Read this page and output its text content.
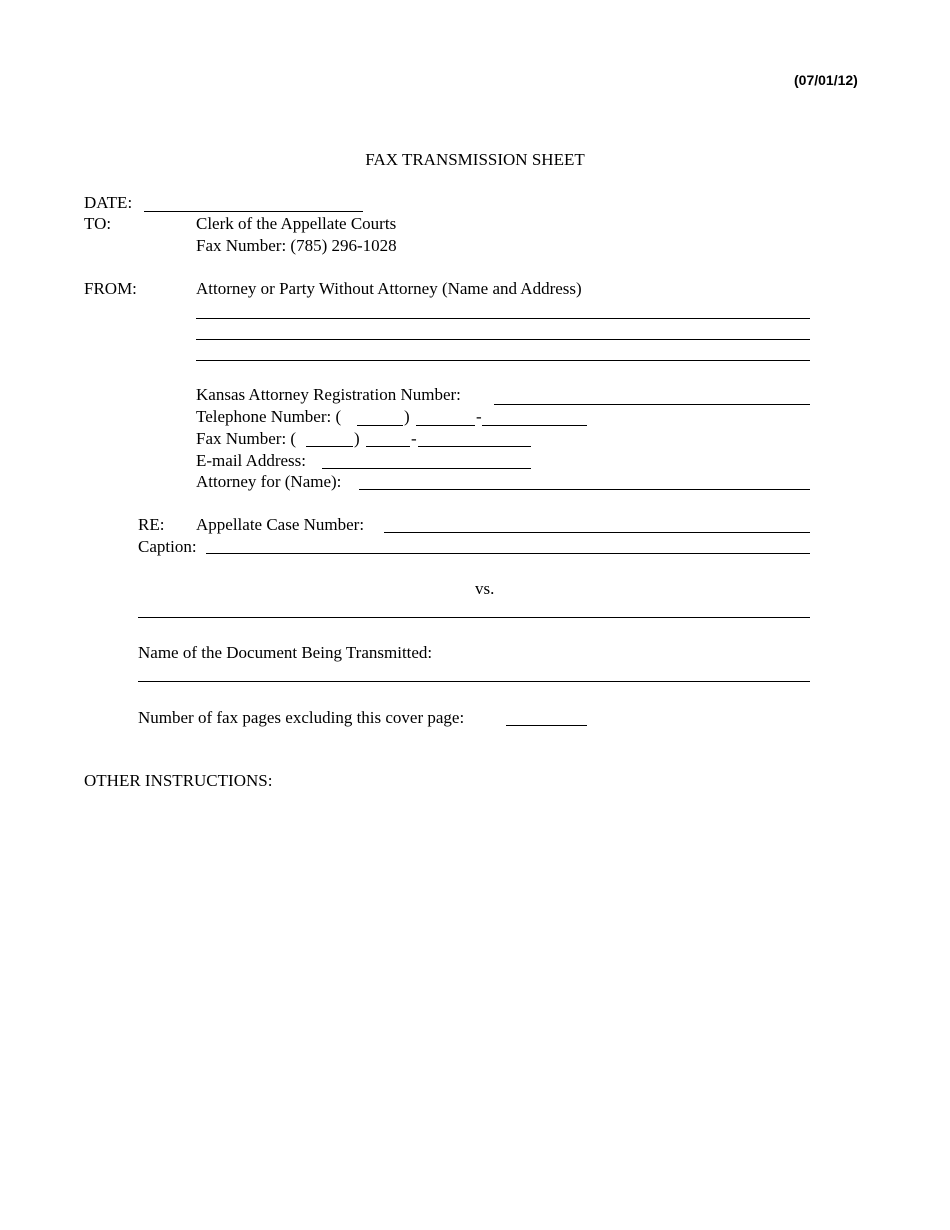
(07/01/12)
FAX TRANSMISSION SHEET
DATE:
TO:	Clerk of the Appellate Courts
Fax Number: (785) 296-1028
FROM:	Attorney or Party Without Attorney (Name and Address)
Kansas Attorney Registration Number:
Telephone Number: (	)	-
Fax Number: (	)	-
E-mail Address:
Attorney for (Name):
RE: Appellate Case Number:
Caption:
vs.
Name of the Document Being Transmitted:
Number of fax pages excluding this cover page:
OTHER INSTRUCTIONS:
